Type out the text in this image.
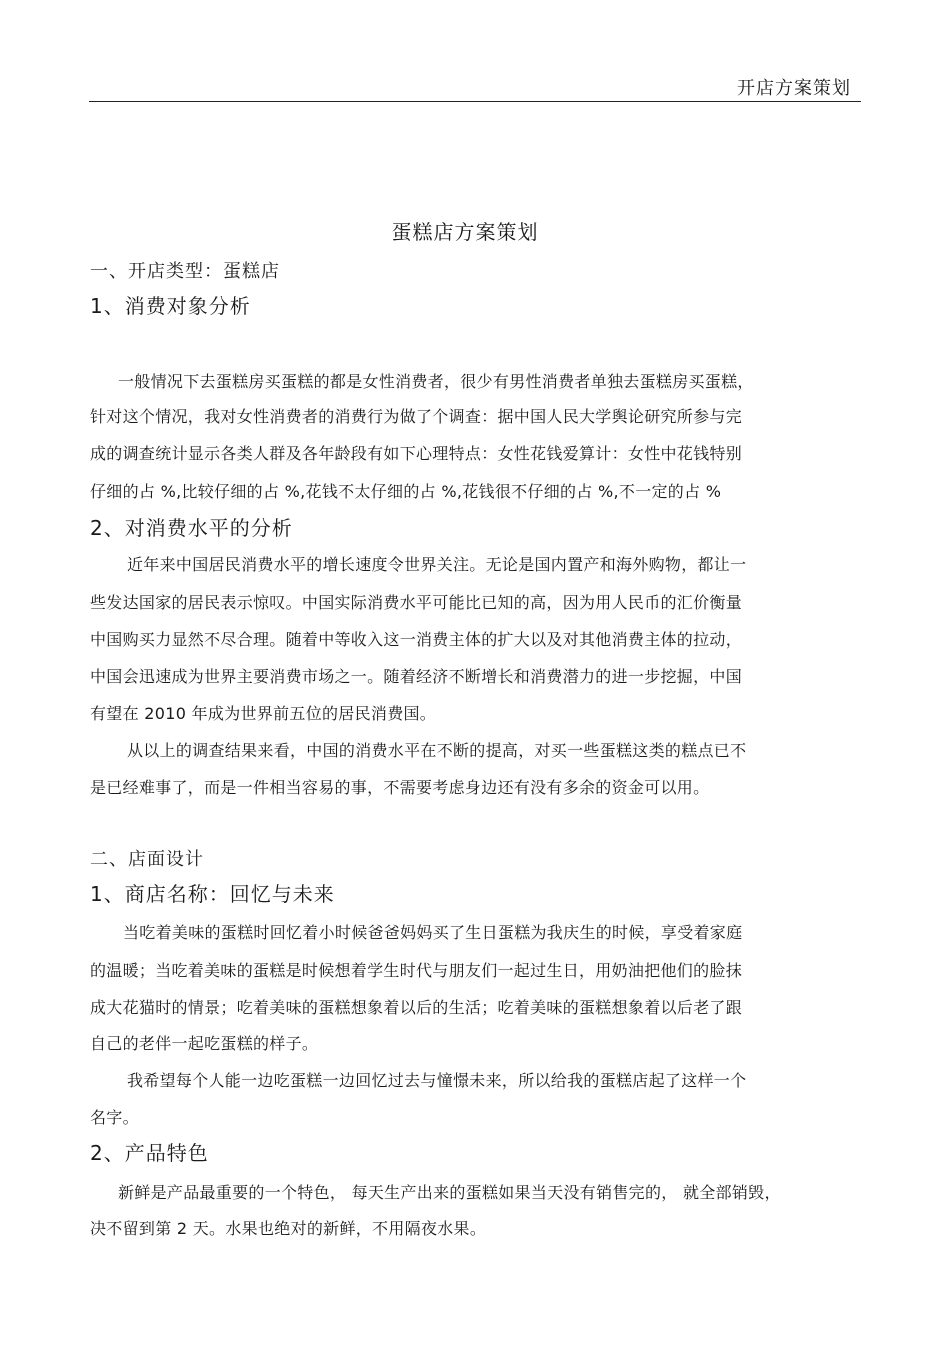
开店方案策划
蛋糕店方案策划
一、开店类型：蛋糕店
1、消费对象分析
一般情况下去蛋糕房买蛋糕的都是女性消费者，很少有男性消费者单独去蛋糕房买蛋糕，
针对这个情况，我对女性消费者的消费行为做了个调查：据中国人民大学舆论研究所参与完
成的调查统计显示各类人群及各年龄段有如下心理特点：女性花钱爱算计：女性中花钱特别
仔细的占 %,比较仔细的占 %,花钱不太仔细的占 %,花钱很不仔细的占 %,不一定的占 %
2、对消费水平的分析
近年来中国居民消费水平的增长速度令世界关注。无论是国内置产和海外购物，都让一
些发达国家的居民表示惊叹。中国实际消费水平可能比已知的高，因为用人民币的汇价衡量
中国购买力显然不尽合理。随着中等收入这一消费主体的扩大以及对其他消费主体的拉动，
中国会迅速成为世界主要消费市场之一。随着经济不断增长和消费潜力的进一步挖掘，中国
有望在 2010 年成为世界前五位的居民消费国。
从以上的调查结果来看，中国的消费水平在不断的提高，对买一些蛋糕这类的糕点已不
是已经难事了，而是一件相当容易的事，不需要考虑身边还有没有多余的资金可以用。
二、店面设计
1、商店名称：回忆与未来
当吃着美味的蛋糕时回忆着小时候爸爸妈妈买了生日蛋糕为我庆生的时候，享受着家庭
的温暖；当吃着美味的蛋糕是时候想着学生时代与朋友们一起过生日，用奶油把他们的脸抹
成大花猫时的情景；吃着美味的蛋糕想象着以后的生活；吃着美味的蛋糕想象着以后老了跟
自己的老伴一起吃蛋糕的样子。
我希望每个人能一边吃蛋糕一边回忆过去与憧憬未来，所以给我的蛋糕店起了这样一个
名字。
2、产品特色
新鲜是产品最重要的一个特色， 每天生产出来的蛋糕如果当天没有销售完的， 就全部销毁，
决不留到第 2 天。水果也绝对的新鲜，不用隔夜水果。
